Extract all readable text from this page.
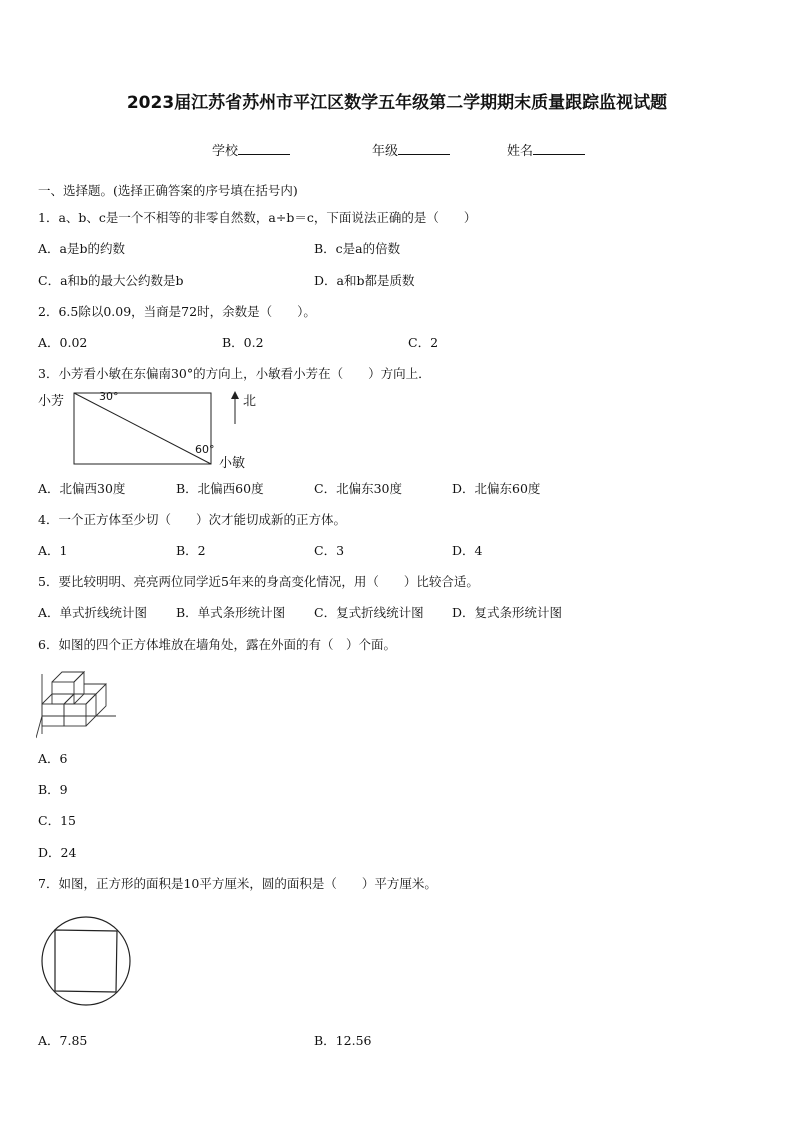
2023届江苏省苏州市平江区数学五年级第二学期期末质量跟踪监视试题
学校	年级	姓名
一、选择题。(选择正确答案的序号填在括号内)
1．a、b、c是一个不相等的非零自然数，a÷b＝c，下面说法正确的是（　　）
A．a是b的约数	B．c是a的倍数
C．a和b的最大公约数是b	D．a和b都是质数
2．6.5除以0.09，当商是72时，余数是（　　）。
A．0.02	B．0.2	C．2
3．小芳看小敏在东偏南30°的方向上，小敏看小芳在（　　）方向上．
小芳	30°
60°
小敏
北
A．北偏西30度	B．北偏西60度	C．北偏东30度	D．北偏东60度
4．一个正方体至少切（　　）次才能切成新的正方体。
A．1	B．2	C．3	D．4
5．要比较明明、亮亮两位同学近5年来的身高变化情况，用（　　）比较合适。
A．单式折线统计图 B．单式条形统计图 C．复式折线统计图 D．复式条形统计图
6．如图的四个正方体堆放在墙角处，露在外面的有（　）个面。
A．6
B．9
C．15
D．24
7．如图，正方形的面积是10平方厘米，圆的面积是（　　）平方厘米。
A．7.85	B．12.56
